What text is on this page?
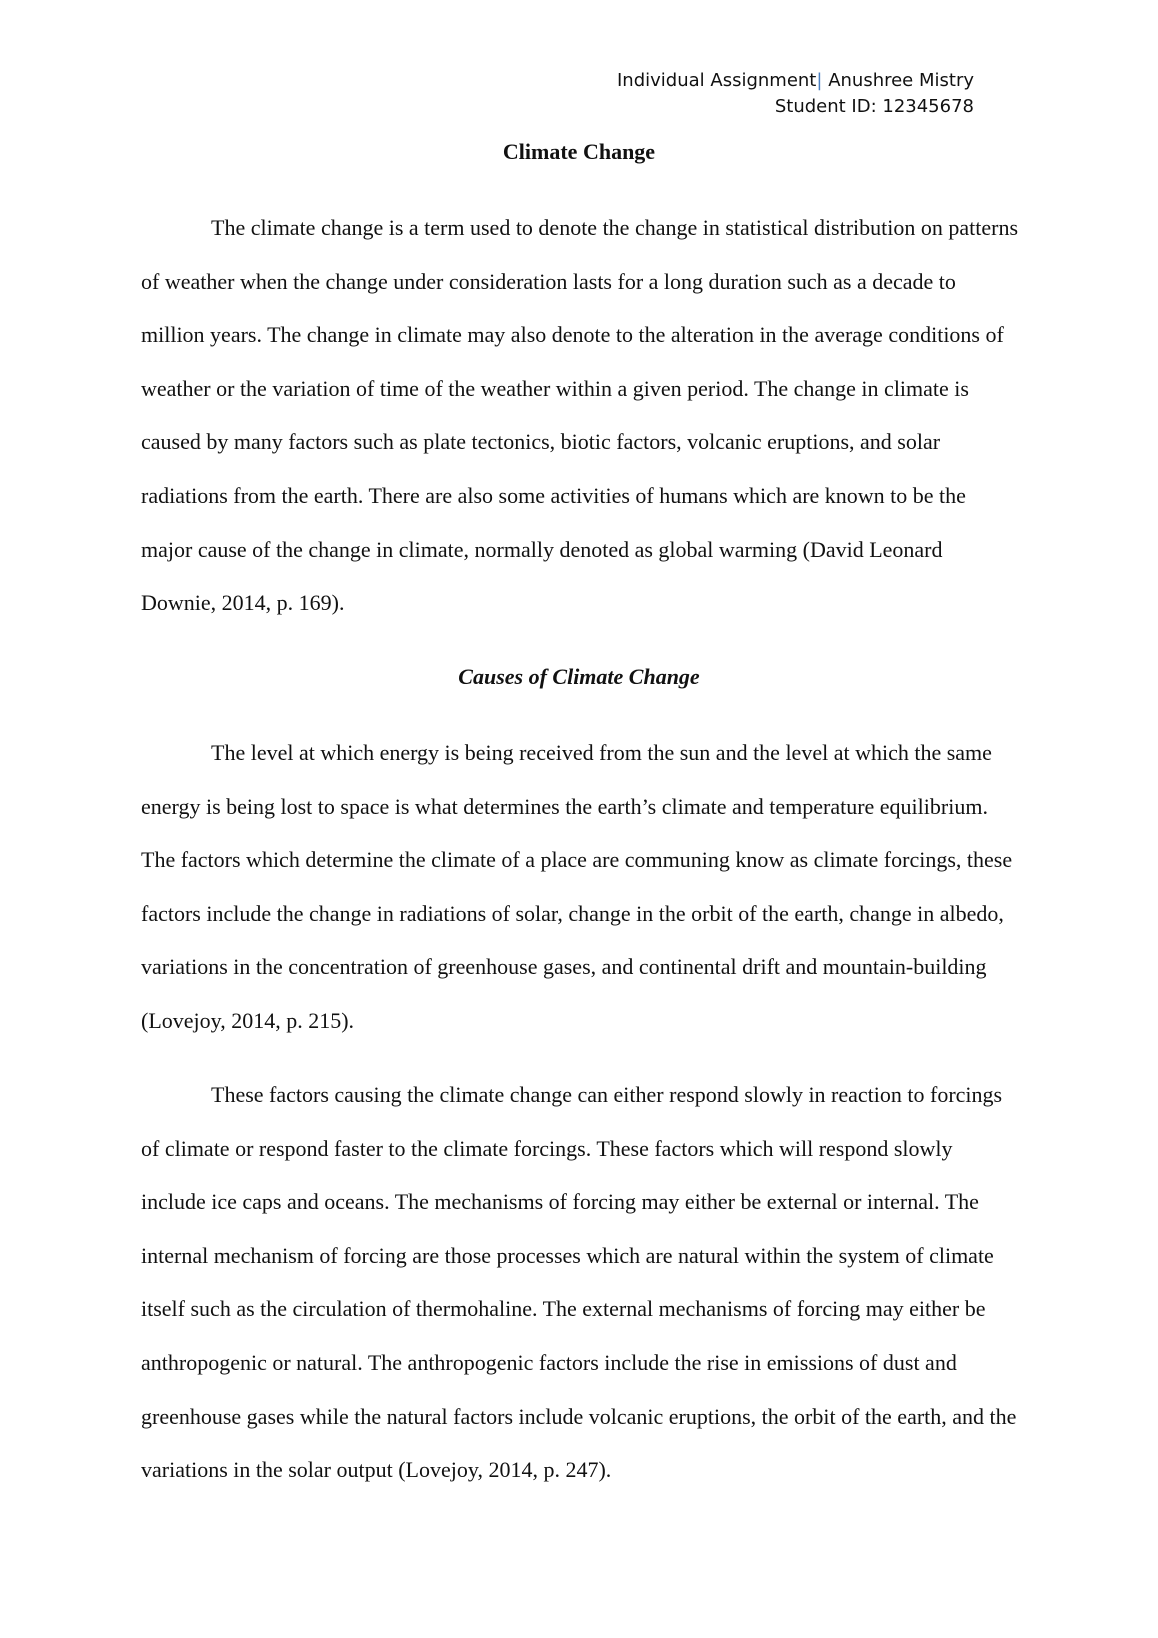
Individual Assignment| Anushree Mistry
Student ID: 12345678
Climate Change

The climate change is a term used to denote the change in statistical distribution on patterns of weather when the change under consideration lasts for a long duration such as a decade to million years. The change in climate may also denote to the alteration in the average conditions of weather or the variation of time of the weather within a given period. The change in climate is caused by many factors such as plate tectonics, biotic factors, volcanic eruptions, and solar radiations from the earth. There are also some activities of humans which are known to be the major cause of the change in climate, normally denoted as global warming (David Leonard Downie, 2014, p. 169).

Causes of Climate Change

The level at which energy is being received from the sun and the level at which the same energy is being lost to space is what determines the earth’s climate and temperature equilibrium. The factors which determine the climate of a place are communing know as climate forcings, these factors include the change in radiations of solar, change in the orbit of the earth, change in albedo, variations in the concentration of greenhouse gases, and continental drift and mountain-building (Lovejoy, 2014, p. 215).

These factors causing the climate change can either respond slowly in reaction to forcings of climate or respond faster to the climate forcings. These factors which will respond slowly include ice caps and oceans. The mechanisms of forcing may either be external or internal. The internal mechanism of forcing are those processes which are natural within the system of climate itself such as the circulation of thermohaline. The external mechanisms of forcing may either be anthropogenic or natural. The anthropogenic factors include the rise in emissions of dust and greenhouse gases while the natural factors include volcanic eruptions, the orbit of the earth, and the variations in the solar output (Lovejoy, 2014, p. 247).
